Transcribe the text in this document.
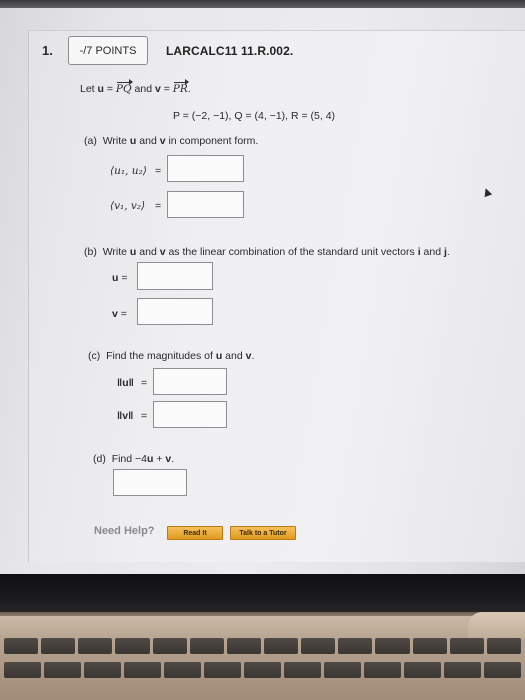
1.	-/7 POINTS	LARCALC11 11.R.002.
Let u = PQ and v = PR.
P = (−2, −1), Q = (4, −1), R = (5, 4)
(a) Write u and v in component form.
⟨u₁, u₂⟩ =
⟨v₁, v₂⟩ =
(b) Write u and v as the linear combination of the standard unit vectors i and j.
u =
v =
(c) Find the magnitudes of u and v.
‖u‖ =
‖v‖ =
(d) Find −4u + v.
Need Help?	Read It	Talk to a Tutor
